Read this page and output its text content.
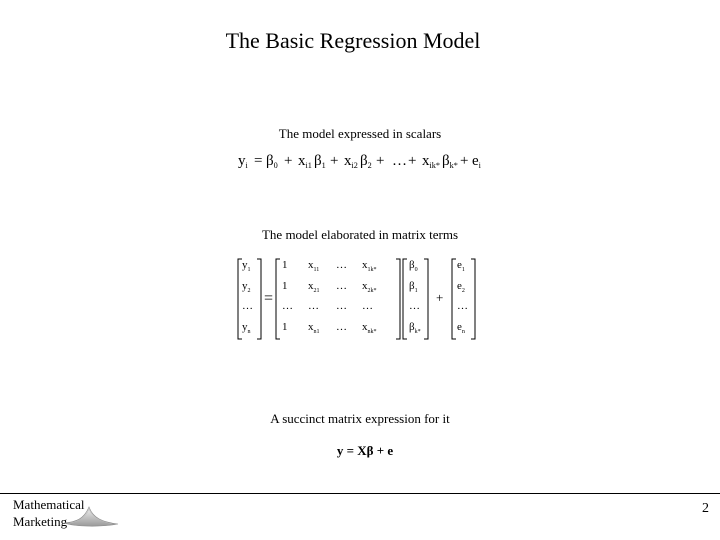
The Basic Regression Model
The model expressed in scalars
$y_i = \beta_0 + x_{i1}$ $\beta_1 + x_{i2}$ $\beta_2$ + … + $x_{ik*}$ $\beta_{k*} + e_i$
The model elaborated in matrix terms
$y_1$
$y_2$
…
$y_n$
=
1 $x_{11}$ … $x_{1k*}$
1 $x_{21}$ … $x_{2k*}$
… … … …
1 $x_{n1}$ … $x_{nk*}$
$\beta_0$
$\beta_1$
…
$\beta_{k*}$
+
$e_1$
$e_2$
…
$e_n$
A succinct matrix expression for it
y = Xβ + e
Mathematical
Marketing
2
